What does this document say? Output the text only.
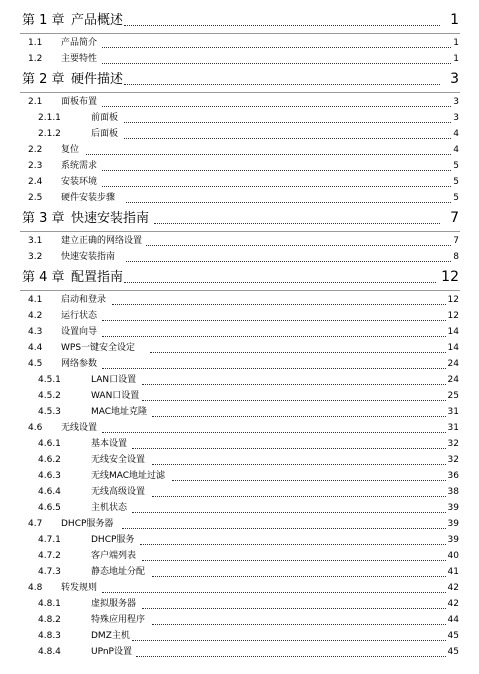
第 1 章 产品概述	1
1.1 产品简介	1
1.2 主要特性	1
第 2 章 硬件描述	3
2.1 面板布置	3
2.1.1	前面板	3
2.1.2	后面板	4
2.2 复位	4
2.3 系统需求	5
2.4 安装环境	5
2.5 硬件安装步骤	5
第 3 章 快速安装指南	7
3.1 建立正确的网络设置	7
3.2 快速安装指南	8
第 4 章 配置指南	12
4.1 启动和登录	12
4.2 运行状态	12
4.3 设置向导	14
4.4 WPS一键安全设定	14
4.5 网络参数	24
4.5.1	LAN口设置	24
4.5.2	WAN口设置	25
4.5.3	MAC地址克隆	31
4.6 无线设置	31
4.6.1	基本设置	32
4.6.2	无线安全设置	32
4.6.3	无线MAC地址过滤	36
4.6.4	无线高级设置	38
4.6.5	主机状态	39
4.7 DHCP服务器	39
4.7.1	DHCP服务	39
4.7.2	客户端列表	40
4.7.3	静态地址分配	41
4.8 转发规则	42
4.8.1	虚拟服务器	42
4.8.2	特殊应用程序	44
4.8.3	DMZ主机	45
4.8.4	UPnP设置	45
